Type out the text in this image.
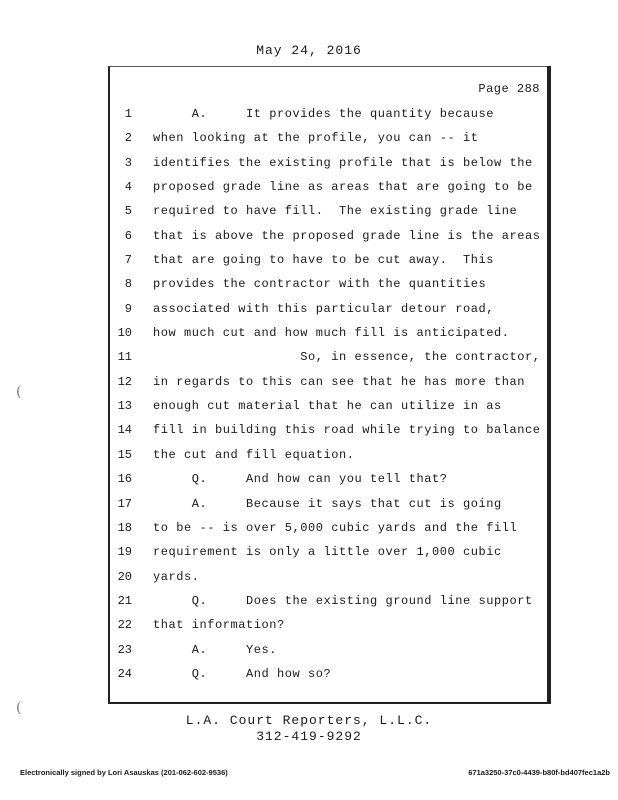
May 24, 2016
Page 288
1 A.     It provides the quantity because
2 when looking at the profile, you can -- it
3 identifies the existing profile that is below the
4 proposed grade line as areas that are going to be
5 required to have fill.  The existing grade line
6 that is above the proposed grade line is the areas
7 that are going to have to be cut away.  This
8 provides the contractor with the quantities
9 associated with this particular detour road,
10 how much cut and how much fill is anticipated.
11 So, in essence, the contractor,
12 in regards to this can see that he has more than
13 enough cut material that he can utilize in as
14 fill in building this road while trying to balance
15 the cut and fill equation.
16 Q.     And how can you tell that?
17 A.     Because it says that cut is going
18 to be -- is over 5,000 cubic yards and the fill
19 requirement is only a little over 1,000 cubic
20 yards.
21 Q.     Does the existing ground line support
22 that information?
23 A.     Yes.
24 Q.     And how so?
(
(
L.A. Court Reporters, L.L.C.
312-419-9292
Electronically signed by Lori Asauskas (201-062-602-9536)	671a3250-37c0-4439-b80f-bd407fec1a2b
